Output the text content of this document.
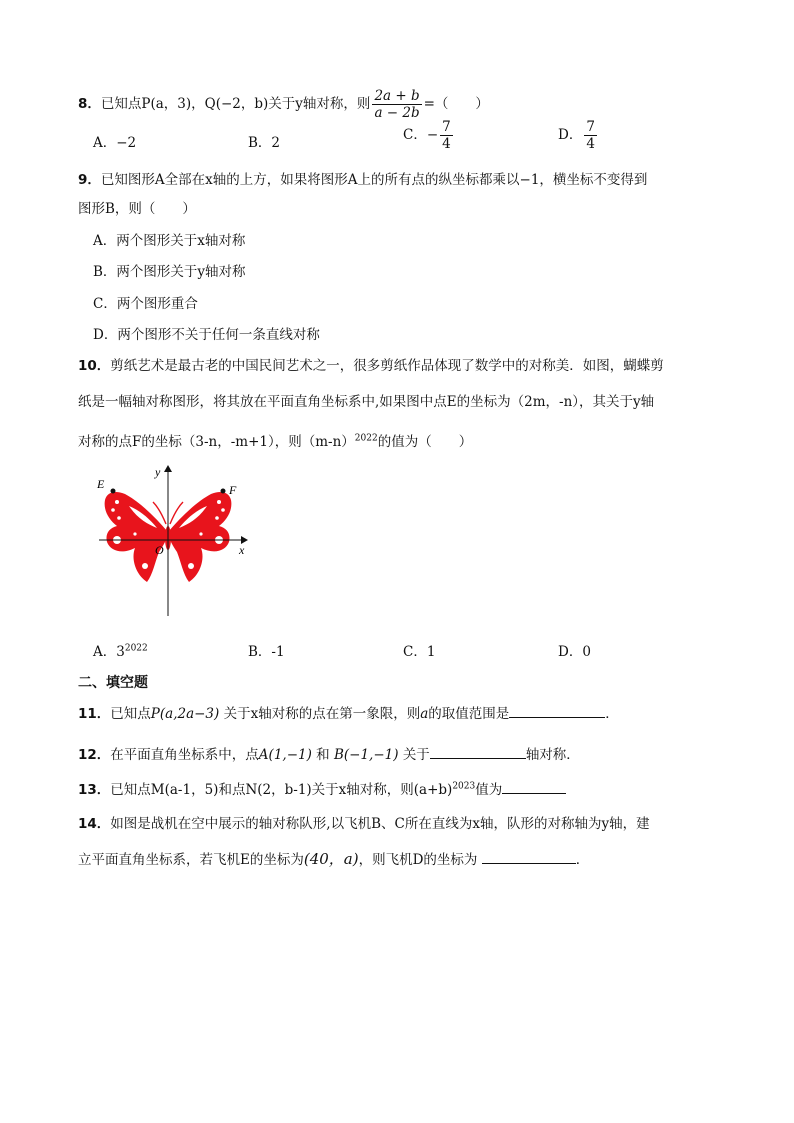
8．已知点P(a，3)，Q(−2，b)关于y轴对称，则 $\frac{2a + b}{a - 2b}$ =（　　）
A．−2	B．2	C．− $\frac{7}{4}$	D． $\frac{7}{4}$
9．已知图形A全部在x轴的上方，如果将图形A上的所有点的纵坐标都乘以−1，横坐标不变得到
图形B，则（　　）
A．两个图形关于x轴对称
B．两个图形关于y轴对称
C．两个图形重合
D．两个图形不关于任何一条直线对称
10．剪纸艺术是最古老的中国民间艺术之一，很多剪纸作品体现了数学中的对称美．如图，蝴蝶剪
纸是一幅轴对称图形，将其放在平面直角坐标系中,如果图中点E的坐标为（2m，-n），其关于y轴
对称的点F的坐标（3-n，-m+1），则$(m-n)^{2022}$的值为（　　）
x
y
O
E	F
A．$3^{2022}$	B．-1	C．1	D．0
二、填空题
11．已知点P(a,2a−3) 关于x轴对称的点在第一象限，则a的取值范围是	．
12．在平面直角坐标系中，点A(1,−1) 和 B(−1,−1) 关于	轴对称．
13．已知点M(a-1，5)和点N(2，b-1)关于x轴对称，则$(a+b)^{2023}$值为
14．如图是战机在空中展示的轴对称队形,以飞机B、C所在直线为x轴，队形的对称轴为y轴，建
立平面直角坐标系，若飞机E的坐标为(40，a)，则飞机D的坐标为	．
